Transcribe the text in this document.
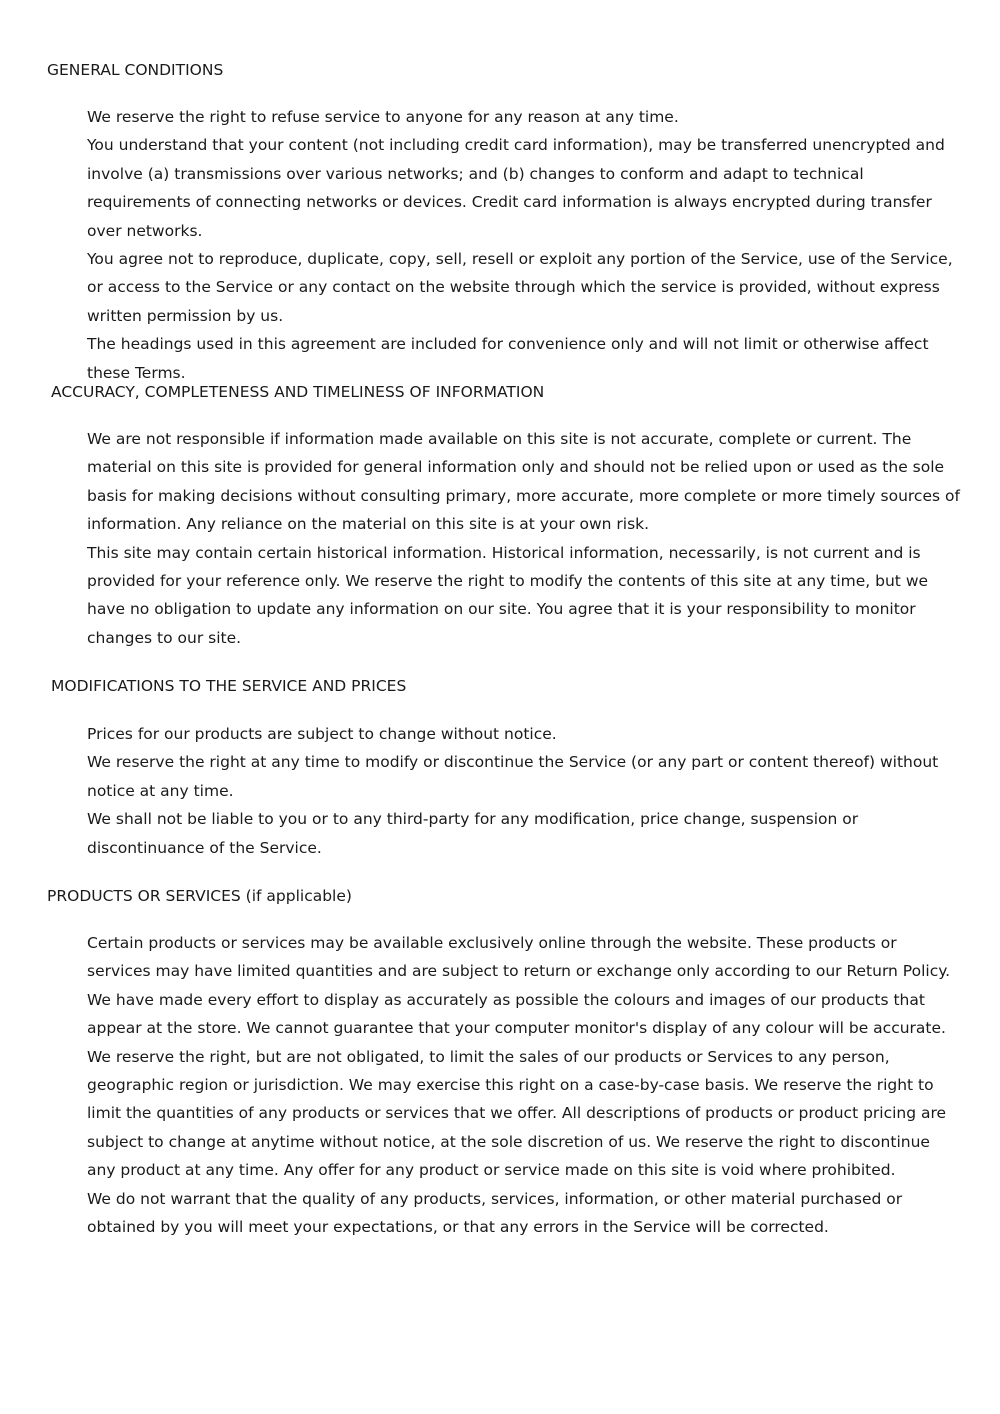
GENERAL CONDITIONS

We reserve the right to refuse service to anyone for any reason at any time.

You understand that your content (not including credit card information), may be transferred unencrypted and involve (a) transmissions over various networks; and (b) changes to conform and adapt to technical requirements of connecting networks or devices. Credit card information is always encrypted during transfer over networks.

You agree not to reproduce, duplicate, copy, sell, resell or exploit any portion of the Service, use of the Service, or access to the Service or any contact on the website through which the service is provided, without express written permission by us.

The headings used in this agreement are included for convenience only and will not limit or otherwise affect these Terms.

ACCURACY, COMPLETENESS AND TIMELINESS OF INFORMATION

We are not responsible if information made available on this site is not accurate, complete or current. The material on this site is provided for general information only and should not be relied upon or used as the sole basis for making decisions without consulting primary, more accurate, more complete or more timely sources of information. Any reliance on the material on this site is at your own risk.

This site may contain certain historical information. Historical information, necessarily, is not current and is provided for your reference only. We reserve the right to modify the contents of this site at any time, but we have no obligation to update any information on our site. You agree that it is your responsibility to monitor changes to our site.

MODIFICATIONS TO THE SERVICE AND PRICES

Prices for our products are subject to change without notice.

We reserve the right at any time to modify or discontinue the Service (or any part or content thereof) without notice at any time.

We shall not be liable to you or to any third-party for any modification, price change, suspension or discontinuance of the Service.

PRODUCTS OR SERVICES (if applicable)

Certain products or services may be available exclusively online through the website. These products or services may have limited quantities and are subject to return or exchange only according to our Return Policy.

We have made every effort to display as accurately as possible the colours and images of our products that appear at the store. We cannot guarantee that your computer monitor's display of any colour will be accurate.

We reserve the right, but are not obligated, to limit the sales of our products or Services to any person, geographic region or jurisdiction. We may exercise this right on a case-by-case basis. We reserve the right to limit the quantities of any products or services that we offer. All descriptions of products or product pricing are subject to change at anytime without notice, at the sole discretion of us. We reserve the right to discontinue any product at any time. Any offer for any product or service made on this site is void where prohibited.

We do not warrant that the quality of any products, services, information, or other material purchased or obtained by you will meet your expectations, or that any errors in the Service will be corrected.
